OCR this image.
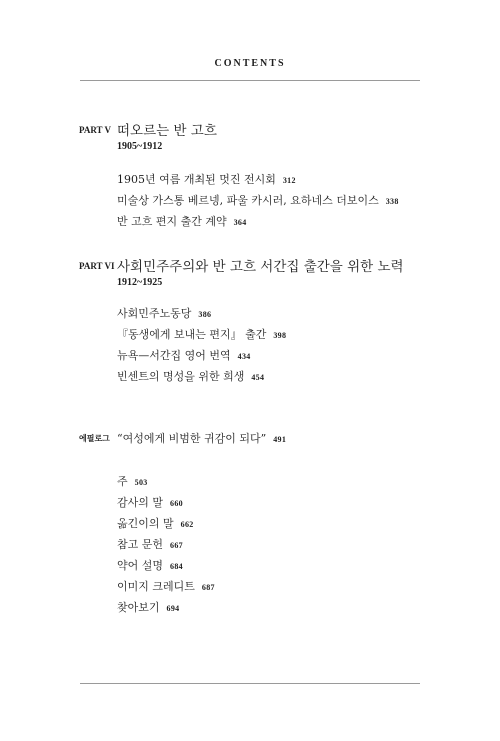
CONTENTS
PART V 떠오르는 반 고흐
1905~1912
1905년 여름 개최된 멋진 전시회 312
미술상 가스통 베르넹, 파울 카시러, 요하네스 더보이스 338
반 고흐 편지 출간 계약 364
PART VI 사회민주주의와 반 고흐 서간집 출간을 위한 노력
1912~1925
사회민주노동당 386
『동생에게 보내는 편지』 출간 398
뉴욕—서간집 영어 번역 434
빈센트의 명성을 위한 희생 454
에필로그 “여성에게 비범한 귀감이 되다” 491
주 503
감사의 말 660
옮긴이의 말 662
참고 문헌 667
약어 설명 684
이미지 크레디트 687
찾아보기 694
